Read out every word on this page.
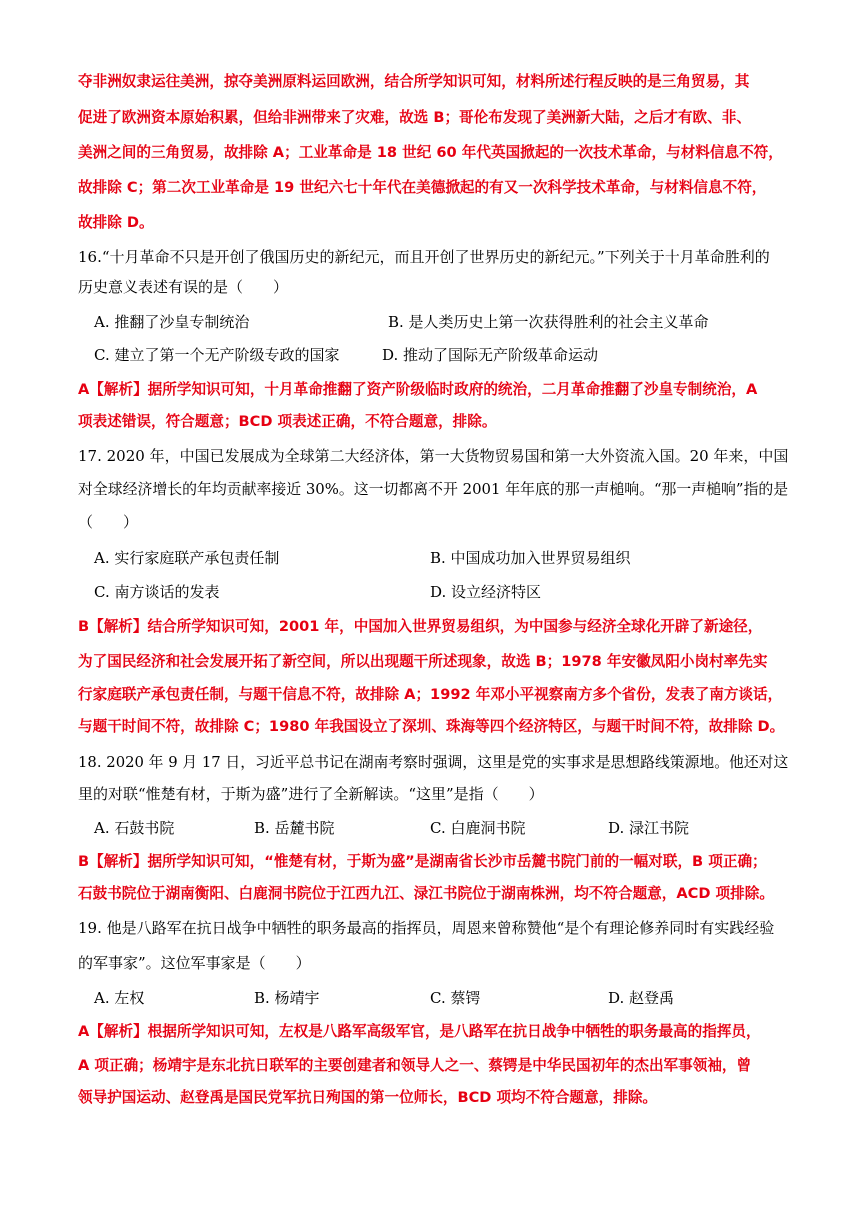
夺非洲奴隶运往美洲，掠夺美洲原料运回欧洲，结合所学知识可知，材料所述行程反映的是三角贸易，其
促进了欧洲资本原始积累，但给非洲带来了灾难，故选 B；哥伦布发现了美洲新大陆，之后才有欧、非、
美洲之间的三角贸易，故排除 A；工业革命是 18 世纪 60 年代英国掀起的一次技术革命，与材料信息不符，
故排除 C；第二次工业革命是 19 世纪六七十年代在美德掀起的有又一次科学技术革命，与材料信息不符，
故排除 D。
16.“十月革命不只是开创了俄国历史的新纪元，而且开创了世界历史的新纪元。”下列关于十月革命胜利的
历史意义表述有误的是（　　）
A. 推翻了沙皇专制统治	B. 是人类历史上第一次获得胜利的社会主义革命
C. 建立了第一个无产阶级专政的国家	D. 推动了国际无产阶级革命运动
A【解析】据所学知识可知，十月革命推翻了资产阶级临时政府的统治，二月革命推翻了沙皇专制统治，A
项表述错误，符合题意；BCD 项表述正确，不符合题意，排除。
17. 2020 年，中国已发展成为全球第二大经济体，第一大货物贸易国和第一大外资流入国。20 年来，中国
对全球经济增长的年均贡献率接近 30%。这一切都离不开 2001 年年底的那一声槌响。“那一声槌响”指的是
（　　）
A. 实行家庭联产承包责任制	B. 中国成功加入世界贸易组织
C. 南方谈话的发表	D. 设立经济特区
B【解析】结合所学知识可知，2001 年，中国加入世界贸易组织，为中国参与经济全球化开辟了新途径，
为了国民经济和社会发展开拓了新空间，所以出现题干所述现象，故选 B；1978 年安徽凤阳小岗村率先实
行家庭联产承包责任制，与题干信息不符，故排除 A；1992 年邓小平视察南方多个省份，发表了南方谈话，
与题干时间不符，故排除 C；1980 年我国设立了深圳、珠海等四个经济特区，与题干时间不符，故排除 D。
18. 2020 年 9 月 17 日，习近平总书记在湖南考察时强调，这里是党的实事求是思想路线策源地。他还对这
里的对联“惟楚有材，于斯为盛”进行了全新解读。“这里”是指（　　）
A. 石鼓书院	B. 岳麓书院	C. 白鹿洞书院	D. 渌江书院
B【解析】据所学知识可知，“惟楚有材，于斯为盛”是湖南省长沙市岳麓书院门前的一幅对联，B 项正确；
石鼓书院位于湖南衡阳、白鹿洞书院位于江西九江、渌江书院位于湖南株洲，均不符合题意，ACD 项排除。
19. 他是八路军在抗日战争中牺牲的职务最高的指挥员，周恩来曾称赞他“是个有理论修养同时有实践经验
的军事家”。这位军事家是（　　）
A. 左权	B. 杨靖宇	C. 蔡锷	D. 赵登禹
A【解析】根据所学知识可知，左权是八路军高级军官，是八路军在抗日战争中牺牲的职务最高的指挥员，
A 项正确；杨靖宇是东北抗日联军的主要创建者和领导人之一、蔡锷是中华民国初年的杰出军事领袖，曾
领导护国运动、赵登禹是国民党军抗日殉国的第一位师长，BCD 项均不符合题意，排除。
